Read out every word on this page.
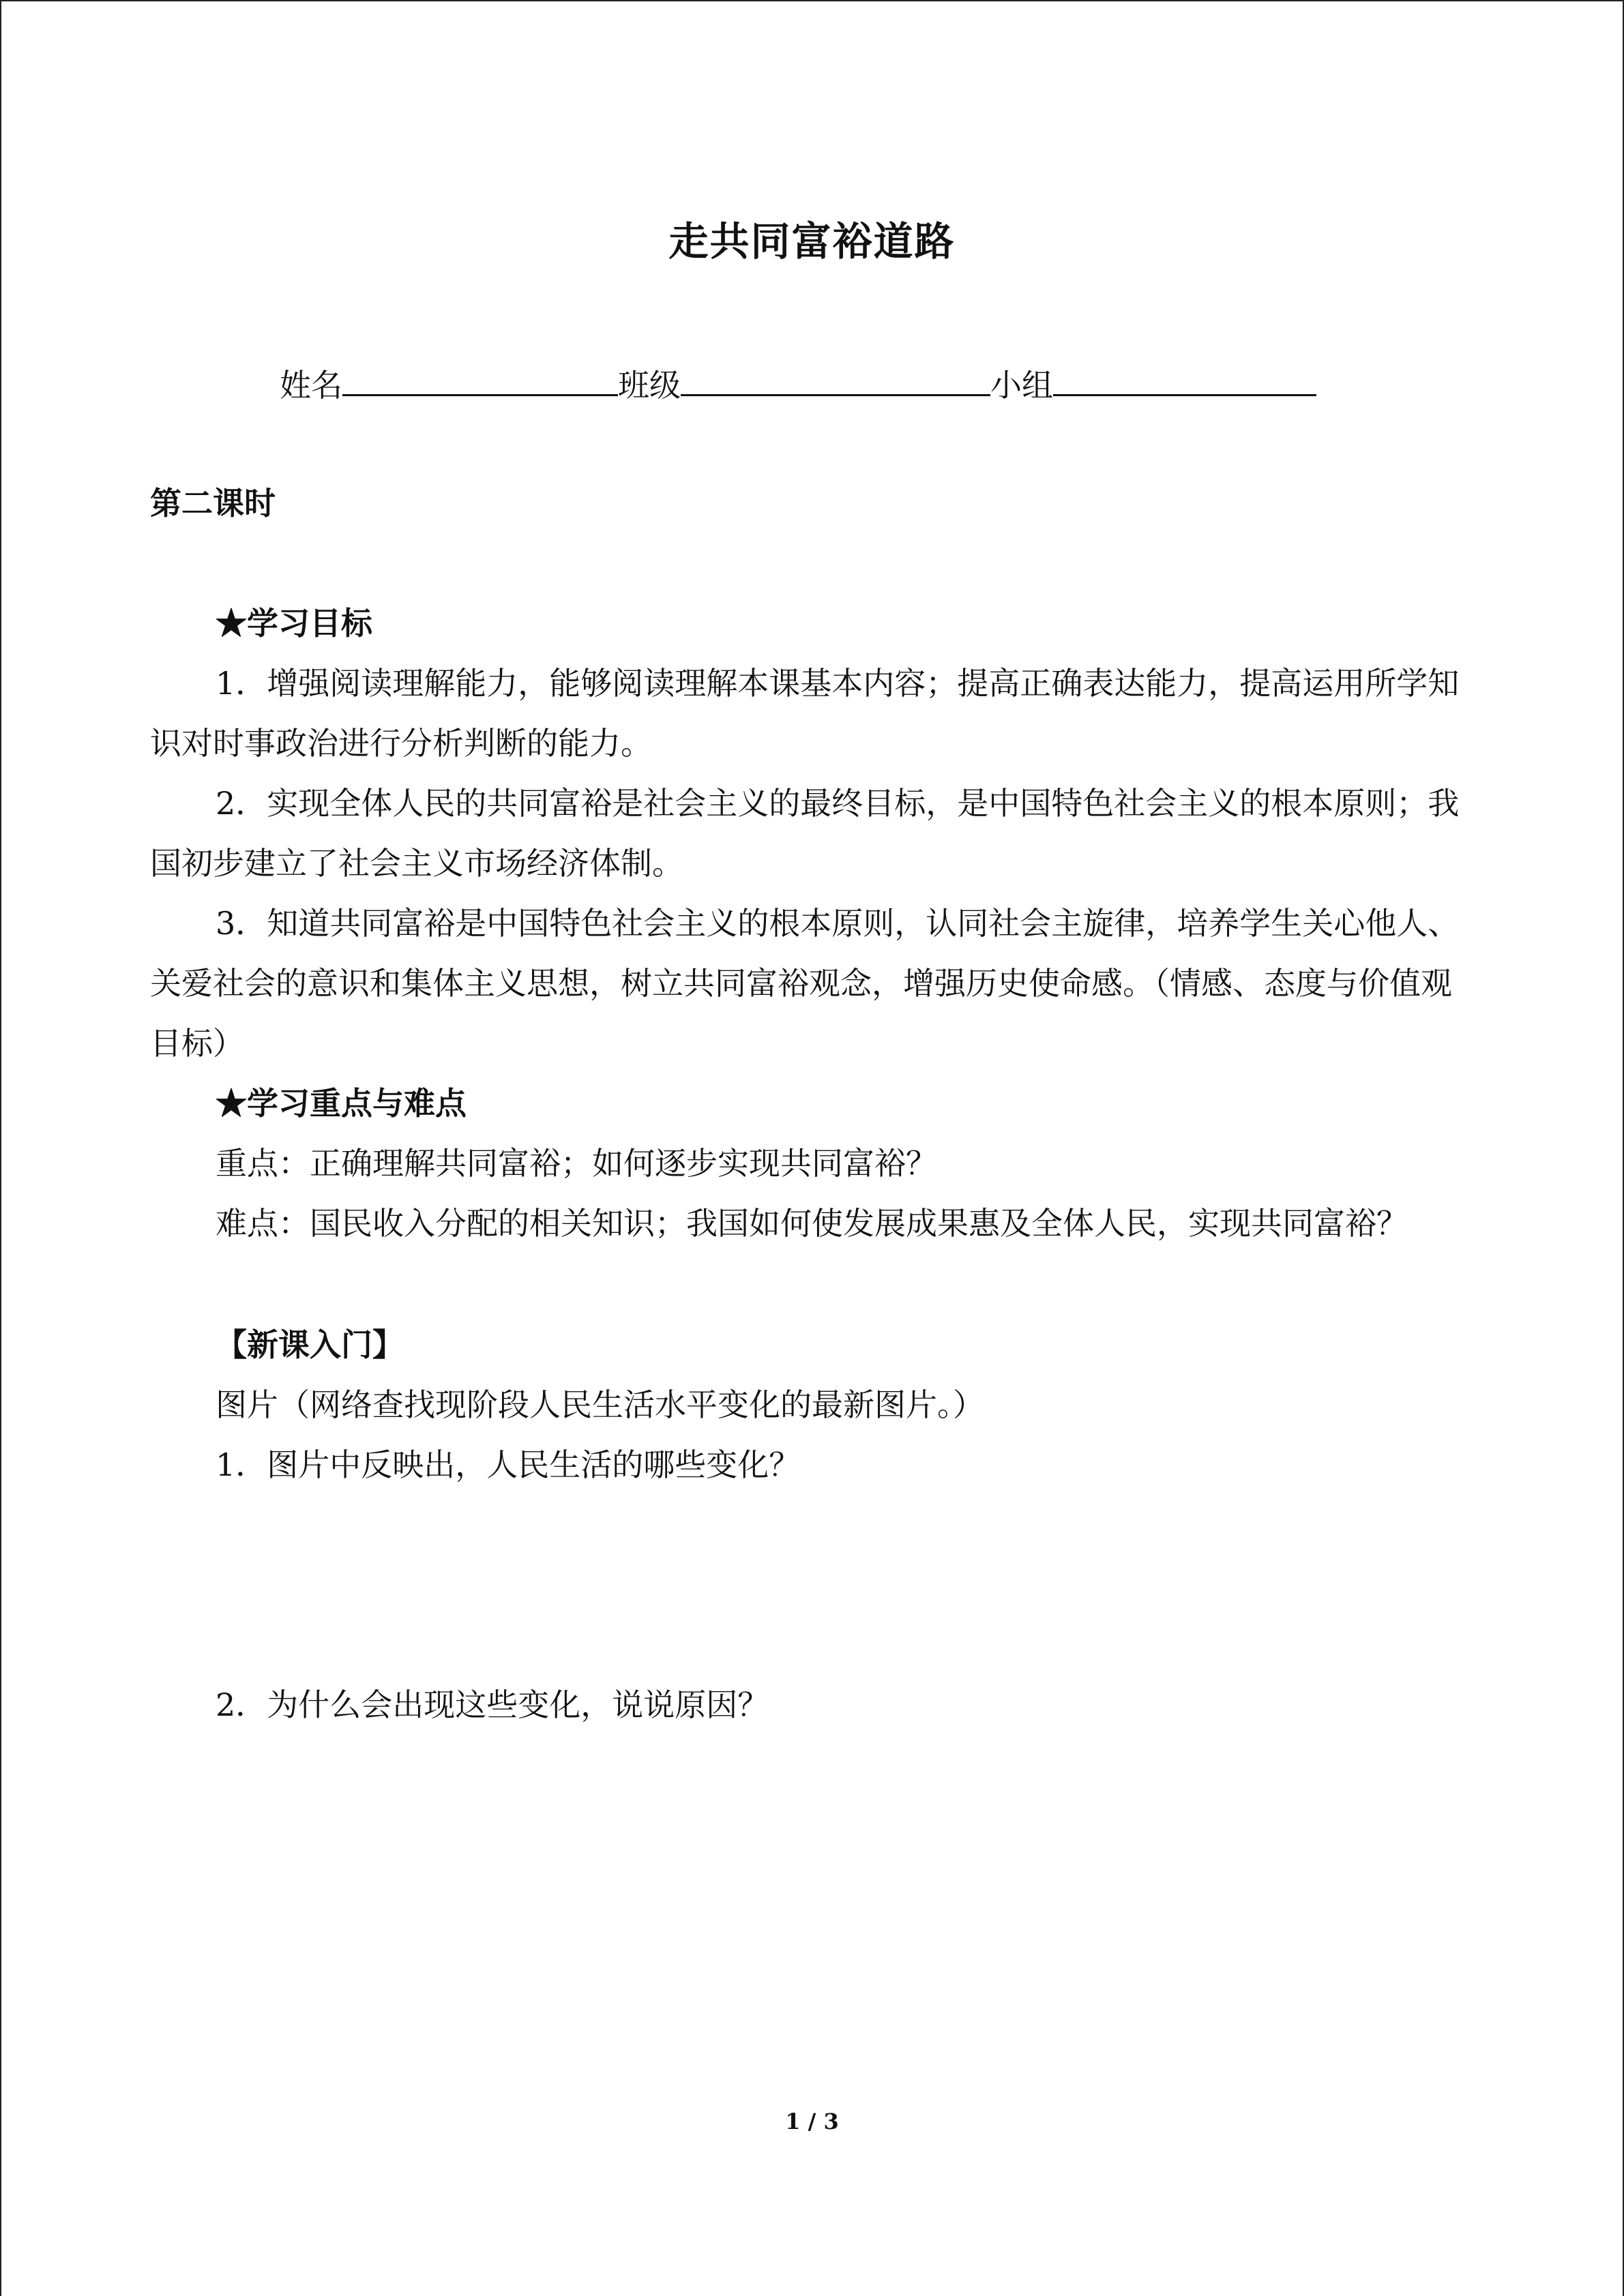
走共同富裕道路
姓名	班级	小组
第二课时

★学习目标

1．增强阅读理解能力，能够阅读理解本课基本内容；提高正确表达能力，提高运用所学知识对时事政治进行分析判断的能力。

2．实现全体人民的共同富裕是社会主义的最终目标，是中国特色社会主义的根本原则；我国初步建立了社会主义市场经济体制。

3．知道共同富裕是中国特色社会主义的根本原则，认同社会主旋律，培养学生关心他人、关爱社会的意识和集体主义思想，树立共同富裕观念，增强历史使命感。（情感、态度与价值观目标）

★学习重点与难点

重点：正确理解共同富裕；如何逐步实现共同富裕？

难点：国民收入分配的相关知识；我国如何使发展成果惠及全体人民，实现共同富裕？

【新课入门】

图片（网络查找现阶段人民生活水平变化的最新图片。）

1．图片中反映出，人民生活的哪些变化？

2．为什么会出现这些变化，说说原因？

1 / 3
